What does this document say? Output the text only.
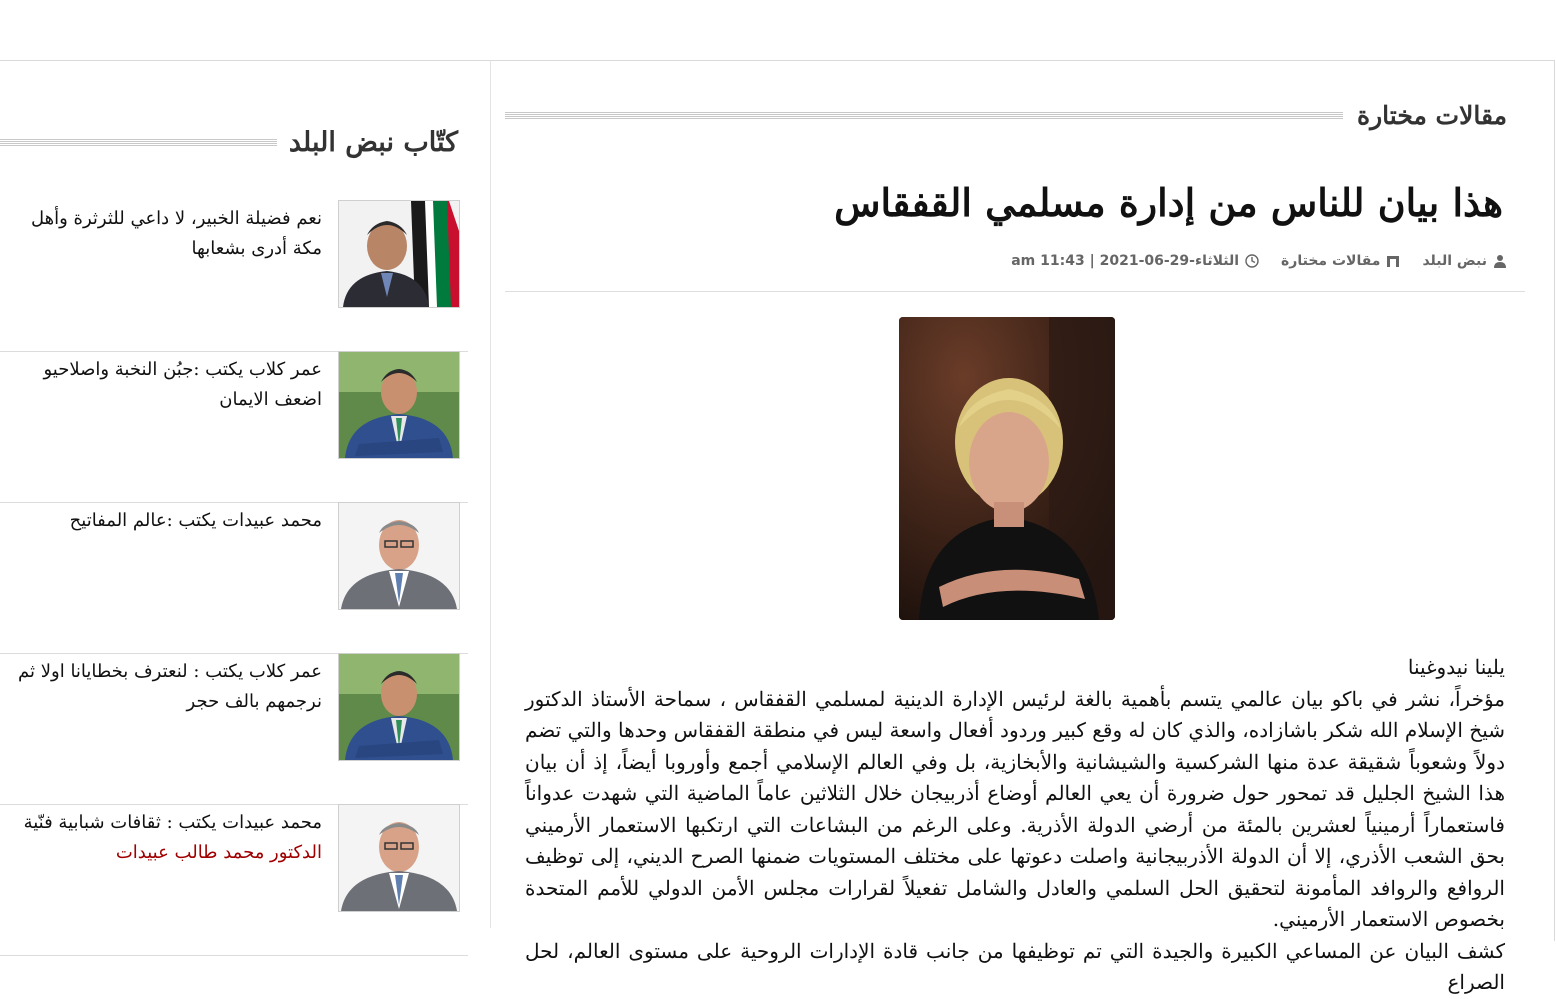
مقالات مختارة
هذا بيان للناس من إدارة مسلمي القفقاس
نبض البلد
مقالات مختارة
الثلاثاء-29-06-2021 | 11:43 am

يلينا نيدوغينا

مؤخراً، نشر في باكو بيان عالمي يتسم بأهمية بالغة لرئيس الإدارة الدينية لمسلمي القفقاس ، سماحة الأستاذ الدكتور شيخ الإسلام الله شكر باشازاده، والذي كان له وقع كبير وردود أفعال واسعة ليس في منطقة القفقاس وحدها والتي تضم دولاً وشعوباً شقيقة عدة منها الشركسية والشيشانية والأبخازية، بل وفي العالم الإسلامي أجمع وأوروبا أيضاً، إذ أن بيان هذا الشيخ الجليل قد تمحور حول ضرورة أن يعي العالم أوضاع أذربيجان خلال الثلاثين عاماً الماضية التي شهدت عدواناً فاستعماراً أرمينياً لعشرين بالمئة من أرضي الدولة الأذرية. وعلى الرغم من البشاعات التي ارتكبها الاستعمار الأرميني بحق الشعب الأذري، إلا أن الدولة الأذربيجانية واصلت دعوتها على مختلف المستويات ضمنها الصرح الديني، إلى توظيف الروافع والروافد المأمونة لتحقيق الحل السلمي والعادل والشامل تفعيلاً لقرارات مجلس الأمن الدولي للأمم المتحدة بخصوص الاستعمار الأرميني.

كشف البيان عن المساعي الكبيرة والجيدة التي تم توظيفها من جانب قادة الإدارات الروحية على مستوى العالم، لحل الصراع

كتّاب نبض البلد
نعم فضيلة الخبير، لا داعي للثرثرة وأهل مكة أدرى بشعابها
عمر كلاب يكتب :جبُن النخبة واصلاحيو اضعف الايمان
محمد عبيدات يكتب :عالم المفاتيح
عمر كلاب يكتب : لنعترف بخطايانا اولا ثم نرجمهم بالف حجر
محمد عبيدات يكتب : ثقافات شبابية فنّية
الدكتور محمد طالب عبيدات
